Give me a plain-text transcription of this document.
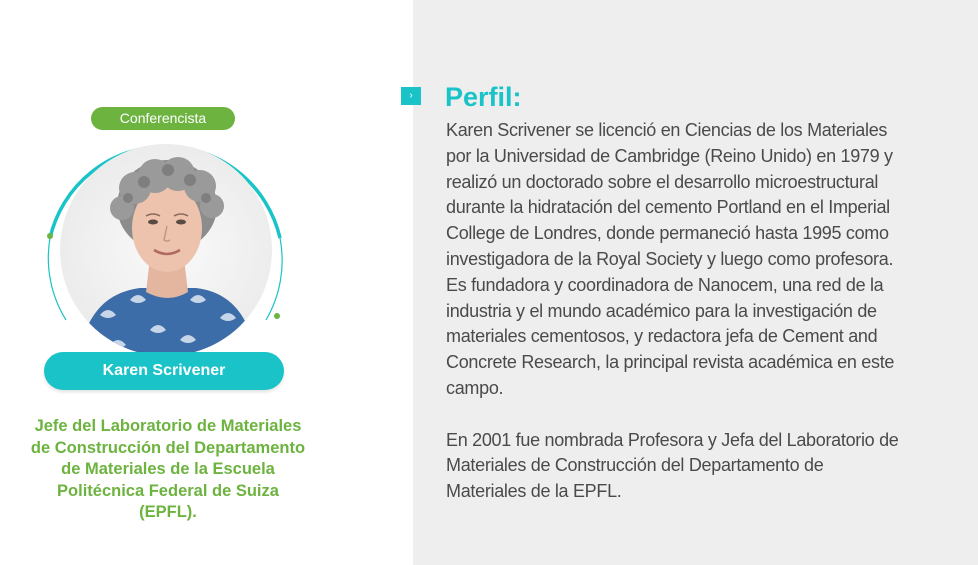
Conferencista
Karen Scrivener
Jefe del Laboratorio de Materiales
de Construcción del Departamento
de Materiales de la Escuela
Politécnica Federal de Suiza
(EPFL).
›	Perfil:

Karen Scrivener se licenció en Ciencias de los Materiales
por la Universidad de Cambridge (Reino Unido) en 1979 y
realizó un doctorado sobre el desarrollo microestructural
durante la hidratación del cemento Portland en el Imperial
College de Londres, donde permaneció hasta 1995 como
investigadora de la Royal Society y luego como profesora.
Es fundadora y coordinadora de Nanocem, una red de la
industria y el mundo académico para la investigación de
materiales cementosos, y redactora jefa de Cement and
Concrete Research, la principal revista académica en este
campo.

En 2001 fue nombrada Profesora y Jefa del Laboratorio de
Materiales de Construcción del Departamento de
Materiales de la EPFL.
